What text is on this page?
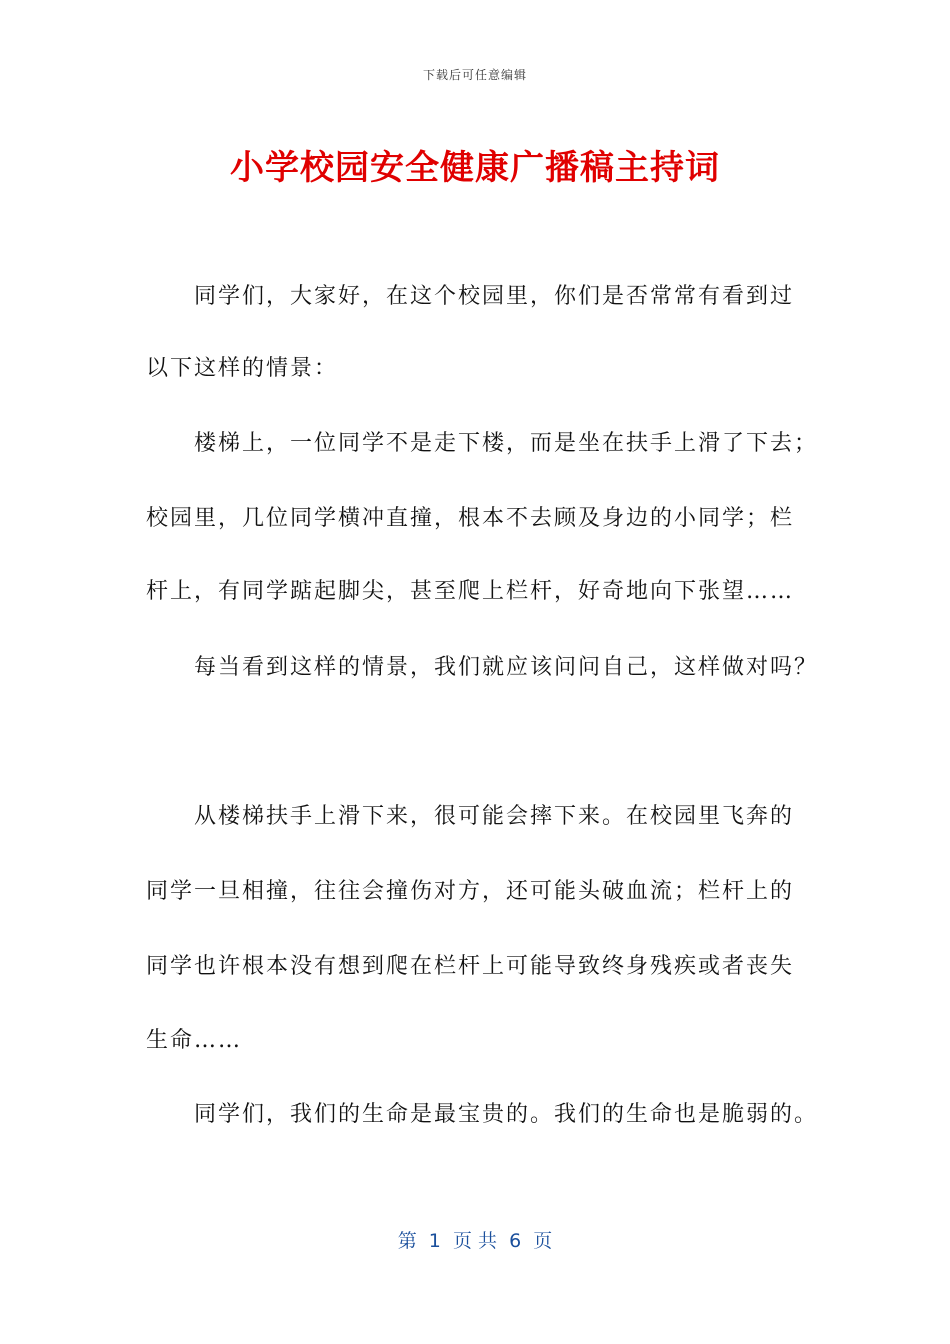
下载后可任意编辑
小学校园安全健康广播稿主持词
同学们，大家好，在这个校园里，你们是否常常有看到过
以下这样的情景：
楼梯上，一位同学不是走下楼，而是坐在扶手上滑了下去；
校园里，几位同学横冲直撞，根本不去顾及身边的小同学；栏
杆上，有同学踮起脚尖，甚至爬上栏杆，好奇地向下张望……
每当看到这样的情景，我们就应该问问自己，这样做对吗？
从楼梯扶手上滑下来，很可能会摔下来。在校园里飞奔的
同学一旦相撞，往往会撞伤对方，还可能头破血流；栏杆上的
同学也许根本没有想到爬在栏杆上可能导致终身残疾或者丧失
生命……
同学们，我们的生命是最宝贵的。我们的生命也是脆弱的。
第  1  页 共  6  页
